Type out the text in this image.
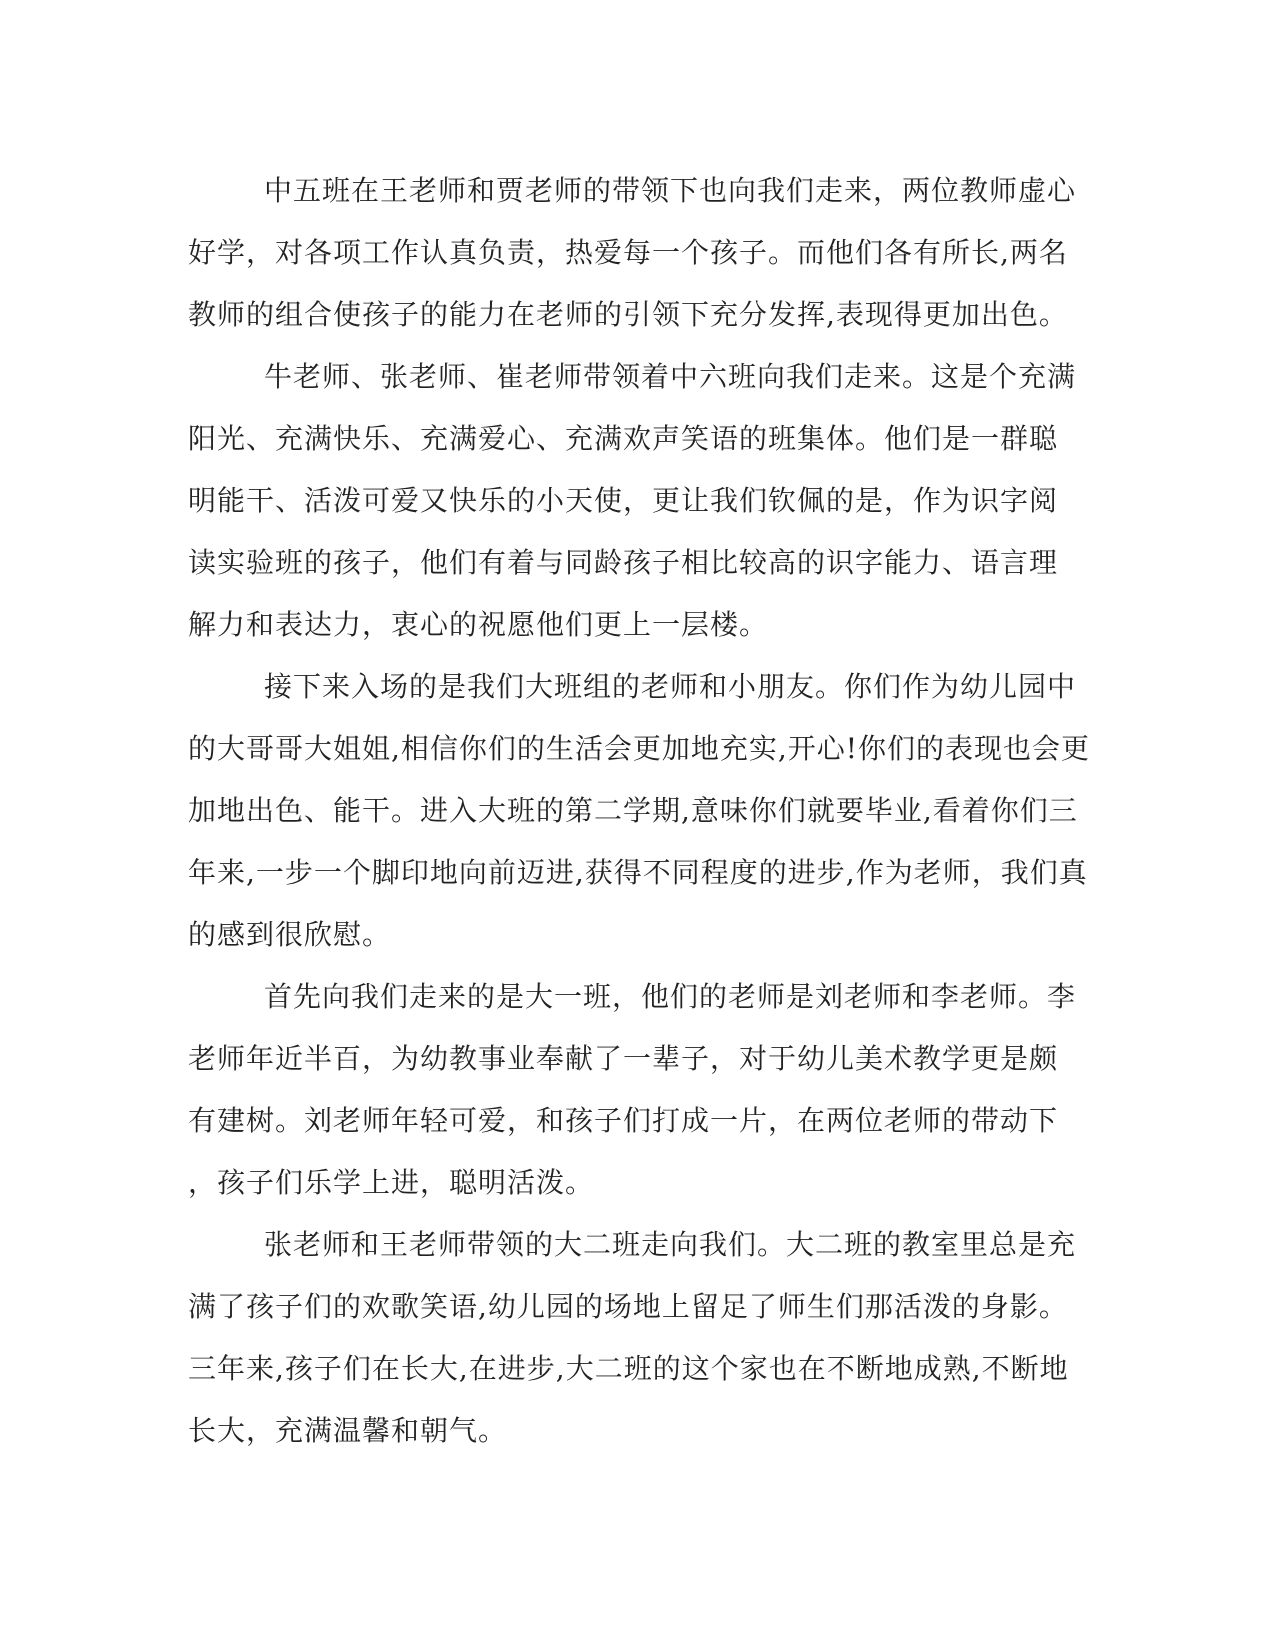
中五班在王老师和贾老师的带领下也向我们走来，两位教师虚心
好学，对各项工作认真负责，热爱每一个孩子。而他们各有所长,两名
教师的组合使孩子的能力在老师的引领下充分发挥,表现得更加出色。

牛老师、张老师、崔老师带领着中六班向我们走来。这是个充满
阳光、充满快乐、充满爱心、充满欢声笑语的班集体。他们是一群聪
明能干、活泼可爱又快乐的小天使，更让我们钦佩的是，作为识字阅
读实验班的孩子，他们有着与同龄孩子相比较高的识字能力、语言理
解力和表达力，衷心的祝愿他们更上一层楼。

接下来入场的是我们大班组的老师和小朋友。你们作为幼儿园中
的大哥哥大姐姐,相信你们的生活会更加地充实,开心!你们的表现也会更
加地出色、能干。进入大班的第二学期,意味你们就要毕业,看着你们三
年来,一步一个脚印地向前迈进,获得不同程度的进步,作为老师，我们真
的感到很欣慰。

首先向我们走来的是大一班，他们的老师是刘老师和李老师。李
老师年近半百，为幼教事业奉献了一辈子，对于幼儿美术教学更是颇
有建树。刘老师年轻可爱，和孩子们打成一片，在两位老师的带动下
，孩子们乐学上进，聪明活泼。

张老师和王老师带领的大二班走向我们。大二班的教室里总是充
满了孩子们的欢歌笑语,幼儿园的场地上留足了师生们那活泼的身影。
三年来,孩子们在长大,在进步,大二班的这个家也在不断地成熟,不断地
长大，充满温馨和朝气。
